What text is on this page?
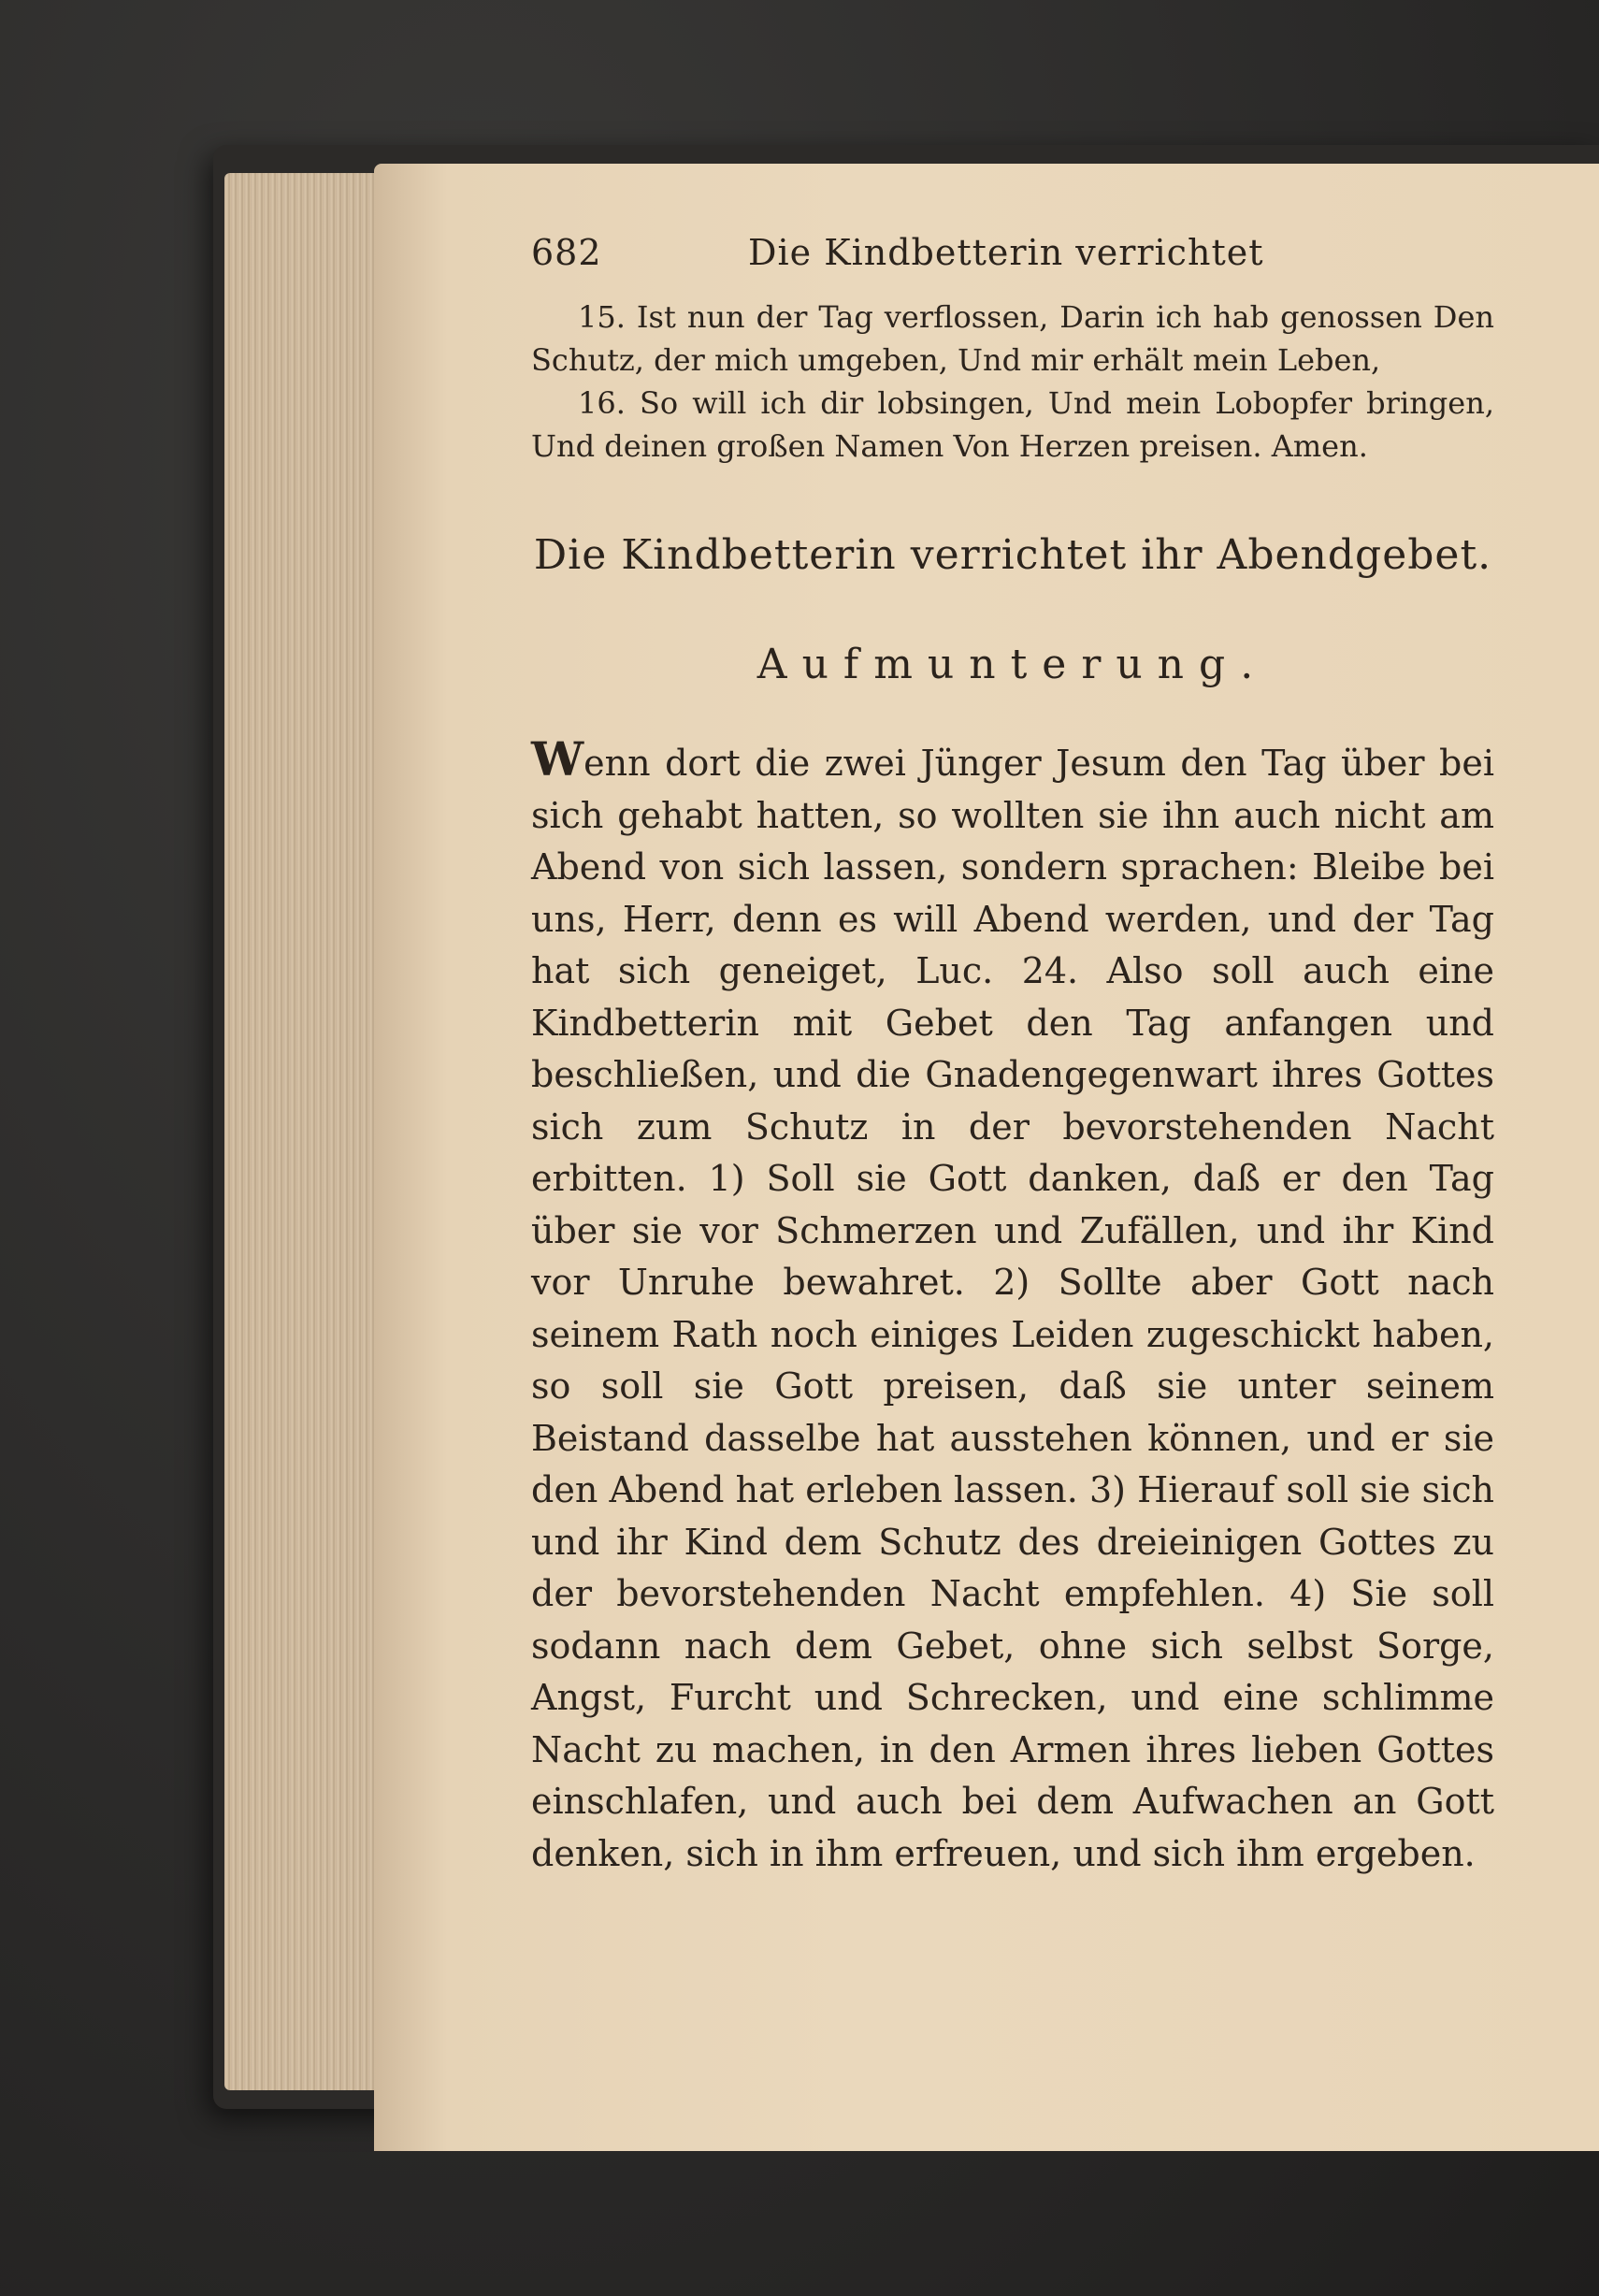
682	Die Kindbetterin verrichtet

15. Ist nun der Tag verflossen, Darin ich hab genossen Den Schutz, der mich umgeben, Und mir erhält mein Leben,

16. So will ich dir lobsingen, Und mein Lobopfer bringen, Und deinen großen Namen Von Herzen preisen. Amen.

Die Kindbetterin verrichtet ihr Abendgebet.
Aufmunterung.

Wenn dort die zwei Jünger Jesum den Tag über bei sich gehabt hatten, so wollten sie ihn auch nicht am Abend von sich lassen, sondern sprachen: Bleibe bei uns, Herr, denn es will Abend werden, und der Tag hat sich geneiget, Luc. 24. Also soll auch eine Kindbetterin mit Gebet den Tag anfangen und beschließen, und die Gnadengegenwart ihres Gottes sich zum Schutz in der bevorstehenden Nacht erbitten. 1) Soll sie Gott danken, daß er den Tag über sie vor Schmerzen und Zufällen, und ihr Kind vor Unruhe bewahret. 2) Sollte aber Gott nach seinem Rath noch einiges Leiden zugeschickt haben, so soll sie Gott preisen, daß sie unter seinem Beistand dasselbe hat ausstehen können, und er sie den Abend hat erleben lassen. 3) Hierauf soll sie sich und ihr Kind dem Schutz des dreieinigen Gottes zu der bevorstehenden Nacht empfehlen. 4) Sie soll sodann nach dem Gebet, ohne sich selbst Sorge, Angst, Furcht und Schrecken, und eine schlimme Nacht zu machen, in den Armen ihres lieben Gottes einschlafen, und auch bei dem Aufwachen an Gott denken, sich in ihm erfreuen, und sich ihm ergeben.
